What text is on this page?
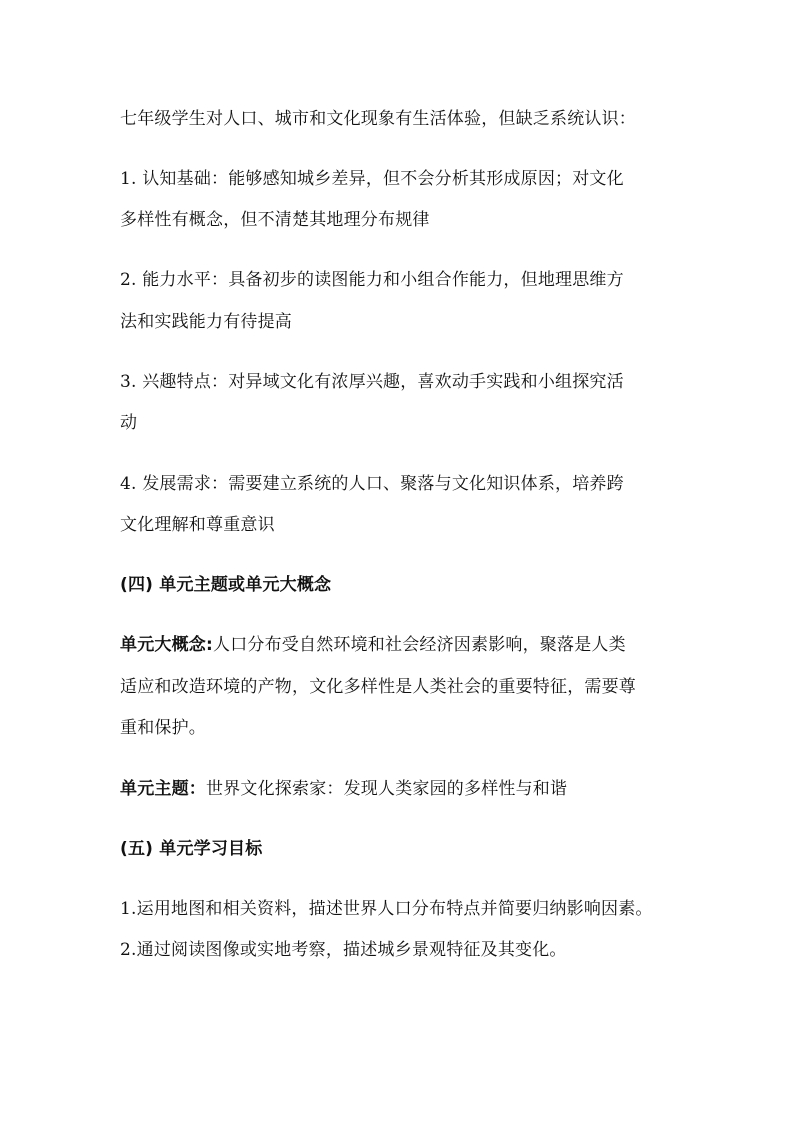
七年级学生对人口、城市和文化现象有生活体验，但缺乏系统认识：
1. 认知基础：能够感知城乡差异，但不会分析其形成原因；对文化
多样性有概念，但不清楚其地理分布规律
2. 能力水平：具备初步的读图能力和小组合作能力，但地理思维方
法和实践能力有待提高
3. 兴趣特点：对异域文化有浓厚兴趣，喜欢动手实践和小组探究活
动
4. 发展需求：需要建立系统的人口、聚落与文化知识体系，培养跨
文化理解和尊重意识
(四) 单元主题或单元大概念
单元大概念:人口分布受自然环境和社会经济因素影响，聚落是人类
适应和改造环境的产物，文化多样性是人类社会的重要特征，需要尊
重和保护。
单元主题：世界文化探索家：发现人类家园的多样性与和谐
(五) 单元学习目标
1.运用地图和相关资料，描述世界人口分布特点并简要归纳影响因素。
2.通过阅读图像或实地考察，描述城乡景观特征及其变化。
